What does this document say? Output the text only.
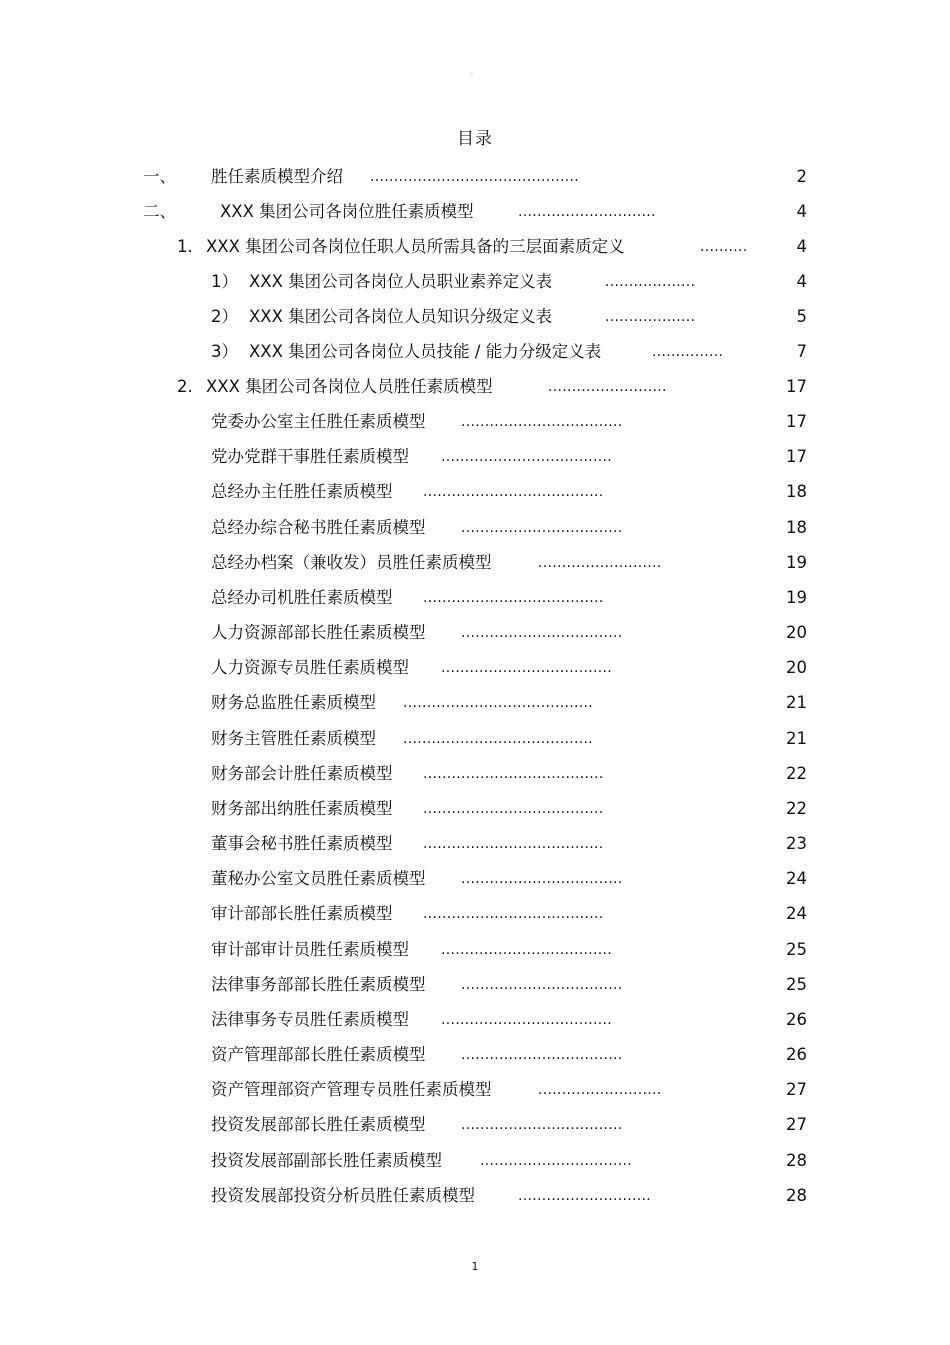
◦
目录
一、 胜任素质模型介绍 ............................................	2
二、	XXX 集团公司各岗位胜任素质模型	.............................	4
1. XXX 集团公司各岗位任职人员所需具备的三层面素质定义	..........	4
1） XXX 集团公司各岗位人员职业素养定义表	...................	4
2） XXX 集团公司各岗位人员知识分级定义表	...................	5
3） XXX 集团公司各岗位人员技能 / 能力分级定义表	...............	7
2. XXX 集团公司各岗位人员胜任素质模型	.........................	17
党委办公室主任胜任素质模型	..................................	17
党办党群干事胜任素质模型 ....................................	17
总经办主任胜任素质模型 ......................................	18
总经办综合秘书胜任素质模型	..................................	18
总经办档案（兼收发）员胜任素质模型	..........................	19
总经办司机胜任素质模型 ......................................	19
人力资源部部长胜任素质模型	..................................	20
人力资源专员胜任素质模型 ....................................	20
财务总监胜任素质模型 ........................................	21
财务主管胜任素质模型 ........................................	21
财务部会计胜任素质模型 ......................................	22
财务部出纳胜任素质模型 ......................................	22
董事会秘书胜任素质模型 ......................................	23
董秘办公室文员胜任素质模型	..................................	24
审计部部长胜任素质模型 ......................................	24
审计部审计员胜任素质模型 ....................................	25
法律事务部部长胜任素质模型	..................................	25
法律事务专员胜任素质模型 ....................................	26
资产管理部部长胜任素质模型	..................................	26
资产管理部资产管理专员胜任素质模型	..........................	27
投资发展部部长胜任素质模型	..................................	27
投资发展部副部长胜任素质模型	................................	28
投资发展部投资分析员胜任素质模型	............................	28
1
